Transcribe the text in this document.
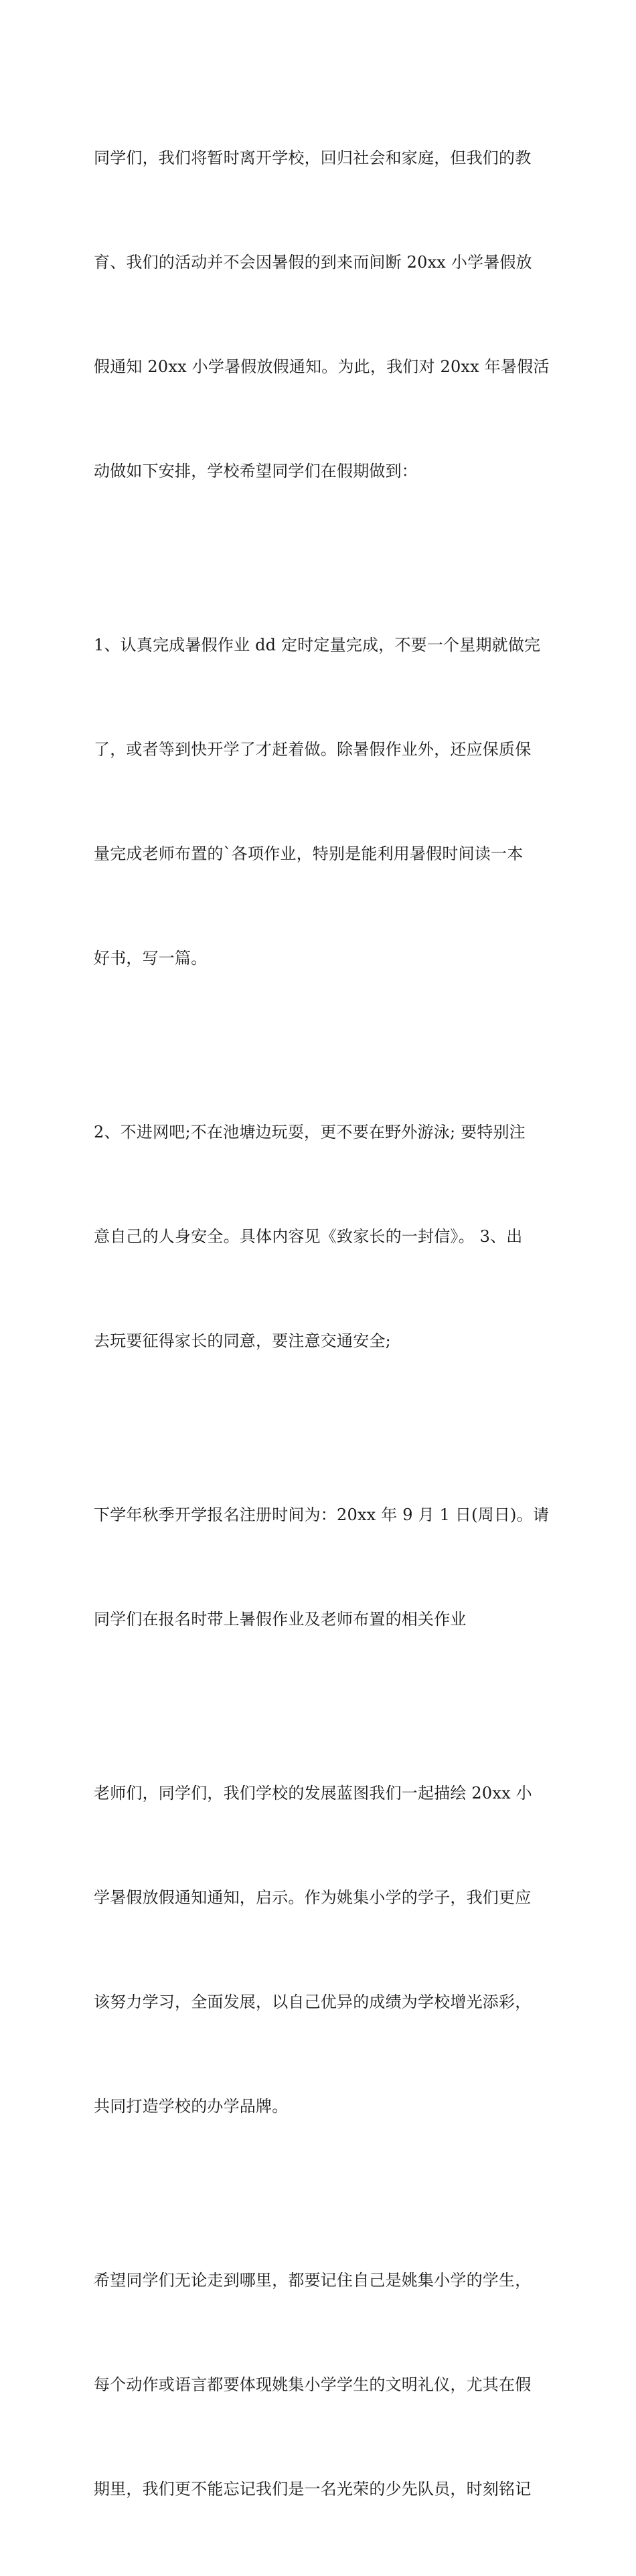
同学们，我们将暂时离开学校，回归社会和家庭，但我们的教

育、我们的活动并不会因暑假的到来而间断 20xx 小学暑假放

假通知 20xx 小学暑假放假通知。为此，我们对 20xx 年暑假活

动做如下安排，学校希望同学们在假期做到：

1、认真完成暑假作业 dd 定时定量完成，不要一个星期就做完

了，或者等到快开学了才赶着做。除暑假作业外，还应保质保

量完成老师布置的`各项作业，特别是能利用暑假时间读一本

好书，写一篇。

2、不进网吧;不在池塘边玩耍，更不要在野外游泳; 要特别注

意自己的人身安全。具体内容见《致家长的一封信》。 3、出

去玩要征得家长的同意，要注意交通安全;

下学年秋季开学报名注册时间为：20xx 年 9 月 1 日(周日)。请

同学们在报名时带上暑假作业及老师布置的相关作业

老师们，同学们，我们学校的发展蓝图我们一起描绘 20xx 小

学暑假放假通知通知，启示。作为姚集小学的学子，我们更应

该努力学习，全面发展，以自己优异的成绩为学校增光添彩，

共同打造学校的办学品牌。

希望同学们无论走到哪里，都要记住自己是姚集小学的学生，

每个动作或语言都要体现姚集小学学生的文明礼仪，尤其在假

期里，我们更不能忘记我们是一名光荣的少先队员，时刻铭记
